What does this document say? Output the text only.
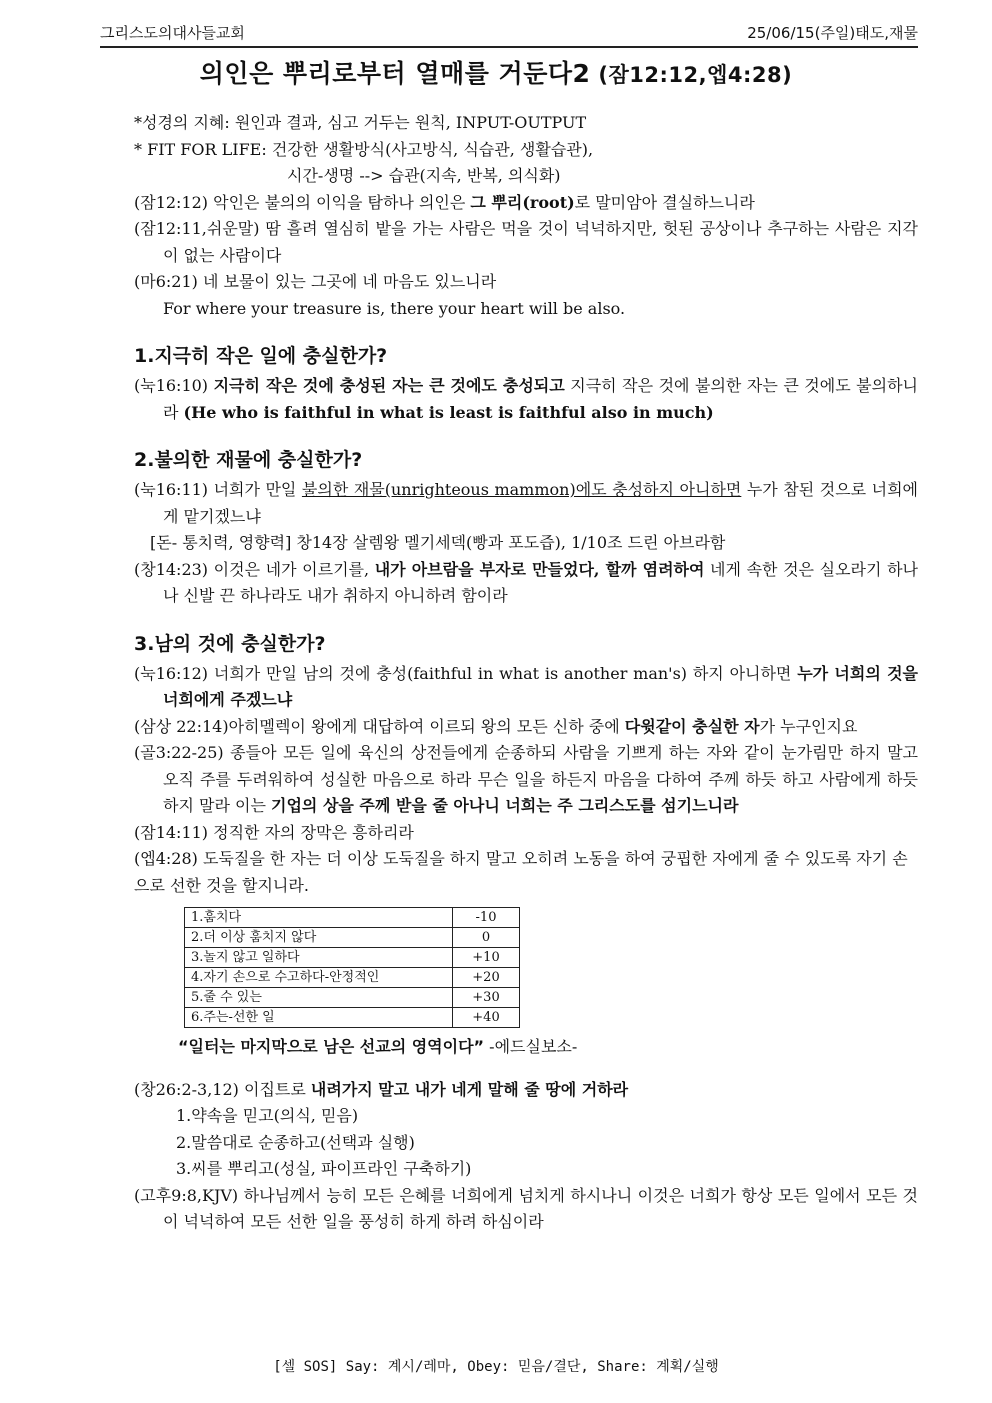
그리스도의대사들교회	25/06/15(주일)태도,재물
의인은 뿌리로부터 열매를 거둔다2 (잠12:12,엡4:28)

*성경의 지혜: 원인과 결과, 심고 거두는 원칙, INPUT-OUTPUT

* FIT FOR LIFE: 건강한 생활방식(사고방식, 식습관, 생활습관),

시간-생명 --> 습관(지속, 반복, 의식화)

(잠12:12) 악인은 불의의 이익을 탐하나 의인은 그 뿌리(root)로 말미암아 결실하느니라

(잠12:11,쉬운말) 땀 흘려 열심히 밭을 가는 사람은 먹을 것이 넉넉하지만, 헛된 공상이나 추구하는 사람은 지각이 없는 사람이다

(마6:21) 네 보물이 있는 그곳에 네 마음도 있느니라

For where your treasure is, there your heart will be also.

1.지극히 작은 일에 충실한가?

(눅16:10) 지극히 작은 것에 충성된 자는 큰 것에도 충성되고 지극히 작은 것에 불의한 자는 큰 것에도 불의하니라 (He who is faithful in what is least is faithful also in much)

2.불의한 재물에 충실한가?

(눅16:11) 너희가 만일 불의한 재물(unrighteous mammon)에도 충성하지 아니하면 누가 참된 것으로 너희에게 맡기겠느냐

[돈- 통치력, 영향력] 창14장 살렘왕 멜기세덱(빵과 포도즙), 1/10조 드린 아브라함

(창14:23) 이것은 네가 이르기를, 내가 아브람을 부자로 만들었다, 할까 염려하여 네게 속한 것은 실오라기 하나나 신발 끈 하나라도 내가 취하지 아니하려 함이라

3.남의 것에 충실한가?

(눅16:12) 너희가 만일 남의 것에 충성(faithful in what is another man's) 하지 아니하면 누가 너희의 것을 너희에게 주겠느냐

(삼상 22:14)아히멜렉이 왕에게 대답하여 이르되 왕의 모든 신하 중에 다윗같이 충실한 자가 누구인지요

(골3:22-25) 종들아 모든 일에 육신의 상전들에게 순종하되 사람을 기쁘게 하는 자와 같이 눈가림만 하지 말고 오직 주를 두려워하여 성실한 마음으로 하라 무슨 일을 하든지 마음을 다하여 주께 하듯 하고 사람에게 하듯 하지 말라 이는 기업의 상을 주께 받을 줄 아나니 너희는 주 그리스도를 섬기느니라

(잠14:11) 정직한 자의 장막은 흥하리라

(엡4:28) 도둑질을 한 자는 더 이상 도둑질을 하지 말고 오히려 노동을 하여 궁핍한 자에게 줄 수 있도록 자기 손으로 선한 것을 할지니라.

1.훔치다	-10
2.더 이상 훔치지 않다	0
3.놀지 않고 일하다	+10
4.자기 손으로 수고하다-안정적인	+20
5.줄 수 있는	+30
6.주는-선한 일	+40

“일터는 마지막으로 남은 선교의 영역이다” -에드실보소-

(창26:2-3,12) 이집트로 내려가지 말고 내가 네게 말해 줄 땅에 거하라

1.약속을 믿고(의식, 믿음)

2.말씀대로 순종하고(선택과 실행)

3.씨를 뿌리고(성실, 파이프라인 구축하기)

(고후9:8,KJV) 하나님께서 능히 모든 은혜를 너희에게 넘치게 하시나니 이것은 너희가 항상 모든 일에서 모든 것이 넉넉하여 모든 선한 일을 풍성히 하게 하려 하심이라

[셀 SOS] Say: 계시/레마, Obey: 믿음/결단, Share: 계획/실행
